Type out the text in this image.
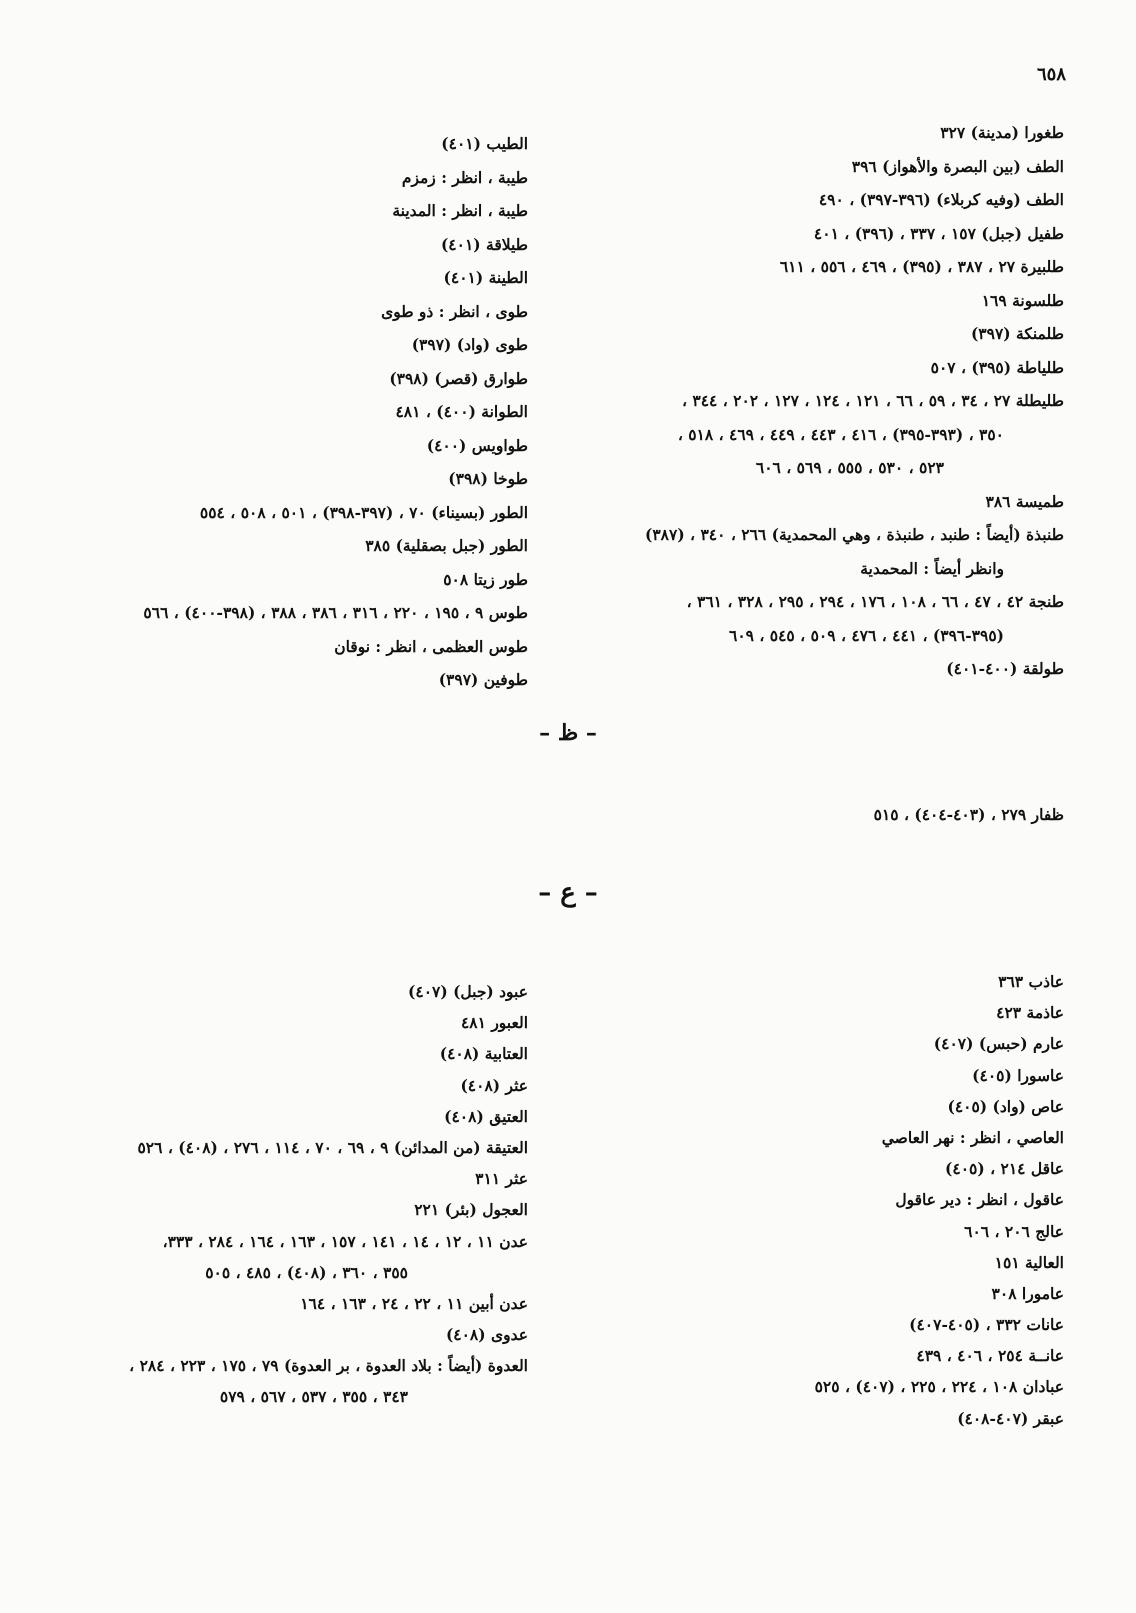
٦٥٨
طغورا (مدينة) ٣٢٧
الطف (بين البصرة والأهواز) ٣٩٦
الطف (وفيه كربلاء) (٣٩٦-٣٩٧) ، ٤٩٠
طفيل (جبل) ١٥٧ ، ٣٣٧ ، (٣٩٦) ، ٤٠١
طلبيرة ٢٧ ، ٣٨٧ ، (٣٩٥) ، ٤٦٩ ، ٥٥٦ ، ٦١١
طلسونة ١٦٩
طلمنكة (٣٩٧)
طلياطة (٣٩٥) ، ٥٠٧
طليطلة ٢٧ ، ٣٤ ، ٥٩ ، ٦٦ ، ١٢١ ، ١٢٤ ، ١٢٧ ، ٢٠٢ ، ٣٤٤ ،
٣٥٠ ، (٣٩٣-٣٩٥) ، ٤١٦ ، ٤٤٣ ، ٤٤٩ ، ٤٦٩ ، ٥١٨ ،
٥٢٣ ، ٥٣٠ ، ٥٥٥ ، ٥٦٩ ، ٦٠٦
طميسة ٣٨٦
طنبذة (أيضاً : طنبد ، طنبذة ، وهي المحمدية) ٢٦٦ ، ٣٤٠ ، (٣٨٧)
وانظر أيضاً : المحمدية
طنجة ٤٢ ، ٤٧ ، ٦٦ ، ١٠٨ ، ١٧٦ ، ٢٩٤ ، ٢٩٥ ، ٣٢٨ ، ٣٦١ ،
(٣٩٥-٣٩٦) ، ٤٤١ ، ٤٧٦ ، ٥٠٩ ، ٥٤٥ ، ٦٠٩
طولقة (٤٠٠-٤٠١)
الطيب (٤٠١)
طيبة ، انظر : زمزم
طيبة ، انظر : المدينة
طيلاقة (٤٠١)
الطينة (٤٠١)
طوى ، انظر : ذو طوى
طوى (واد) (٣٩٧)
طوارق (قصر) (٣٩٨)
الطوانة (٤٠٠) ، ٤٨١
طواويس (٤٠٠)
طوخا (٣٩٨)
الطور (بسيناء) ٧٠ ، (٣٩٧-٣٩٨) ، ٥٠١ ، ٥٠٨ ، ٥٥٤
الطور (جبل بصقلية) ٣٨٥
طور زيتا ٥٠٨
طوس ٩ ، ١٩٥ ، ٢٢٠ ، ٣١٦ ، ٣٨٦ ، ٣٨٨ ، (٣٩٨-٤٠٠) ، ٥٦٦
طوس العظمى ، انظر : نوقان
طوفين (٣٩٧)
– ظ –
ظفار ٢٧٩ ، (٤٠٣-٤٠٤) ، ٥١٥
– ع –
عاذب ٣٦٣
عاذمة ٤٢٣
عارم (حبس) (٤٠٧)
عاسورا (٤٠٥)
عاص (واد) (٤٠٥)
العاصي ، انظر : نهر العاصي
عاقل ٢١٤ ، (٤٠٥)
عاقول ، انظر : دير عاقول
عالج ٢٠٦ ، ٦٠٦
العالية ١٥١
عامورا ٣٠٨
عانات ٣٣٢ ، (٤٠٥-٤٠٧)
عانــة ٢٥٤ ، ٤٠٦ ، ٤٣٩
عبادان ١٠٨ ، ٢٢٤ ، ٢٢٥ ، (٤٠٧) ، ٥٢٥
عبقر (٤٠٧-٤٠٨)
عبود (جبل) (٤٠٧)
العبور ٤٨١
العتابية (٤٠٨)
عثر (٤٠٨)
العتيق (٤٠٨)
العتيقة (من المدائن) ٩ ، ٦٩ ، ٧٠ ، ١١٤ ، ٢٧٦ ، (٤٠٨) ، ٥٢٦
عثر ٣١١
العجول (بئر) ٢٢١
عدن ١١ ، ١٢ ، ١٤ ، ١٤١ ، ١٥٧ ، ١٦٣ ، ١٦٤ ، ٢٨٤ ، ٣٣٣،
٣٥٥ ، ٣٦٠ ، (٤٠٨) ، ٤٨٥ ، ٥٠٥
عدن أبين ١١ ، ٢٢ ، ٢٤ ، ١٦٣ ، ١٦٤
عدوى (٤٠٨)
العدوة (أيضاً : بلاد العدوة ، بر العدوة) ٧٩ ، ١٧٥ ، ٢٢٣ ، ٢٨٤ ،
٣٤٣ ، ٣٥٥ ، ٥٣٧ ، ٥٦٧ ، ٥٧٩
